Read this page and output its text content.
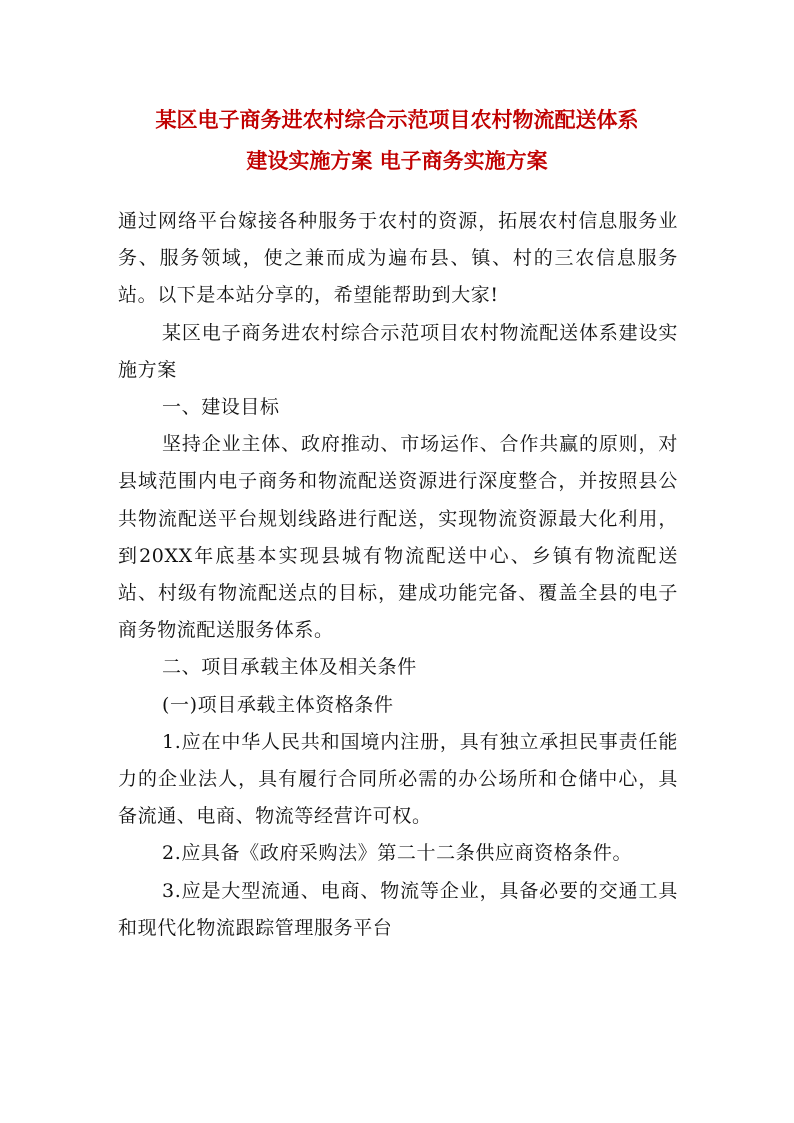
某区电子商务进农村综合示范项目农村物流配送体系
建设实施方案 电子商务实施方案

通过网络平台嫁接各种服务于农村的资源，拓展农村信息服务业务、服务领域，使之兼而成为遍布县、镇、村的三农信息服务站。以下是本站分享的，希望能帮助到大家!

某区电子商务进农村综合示范项目农村物流配送体系建设实施方案

一、建设目标

坚持企业主体、政府推动、市场运作、合作共赢的原则，对县域范围内电子商务和物流配送资源进行深度整合，并按照县公共物流配送平台规划线路进行配送，实现物流资源最大化利用，到20XX年底基本实现县城有物流配送中心、乡镇有物流配送站、村级有物流配送点的目标，建成功能完备、覆盖全县的电子商务物流配送服务体系。

二、项目承载主体及相关条件

(一)项目承载主体资格条件

1.应在中华人民共和国境内注册，具有独立承担民事责任能力的企业法人，具有履行合同所必需的办公场所和仓储中心，具备流通、电商、物流等经营许可权。

2.应具备《政府采购法》第二十二条供应商资格条件。

3.应是大型流通、电商、物流等企业，具备必要的交通工具和现代化物流跟踪管理服务平台
